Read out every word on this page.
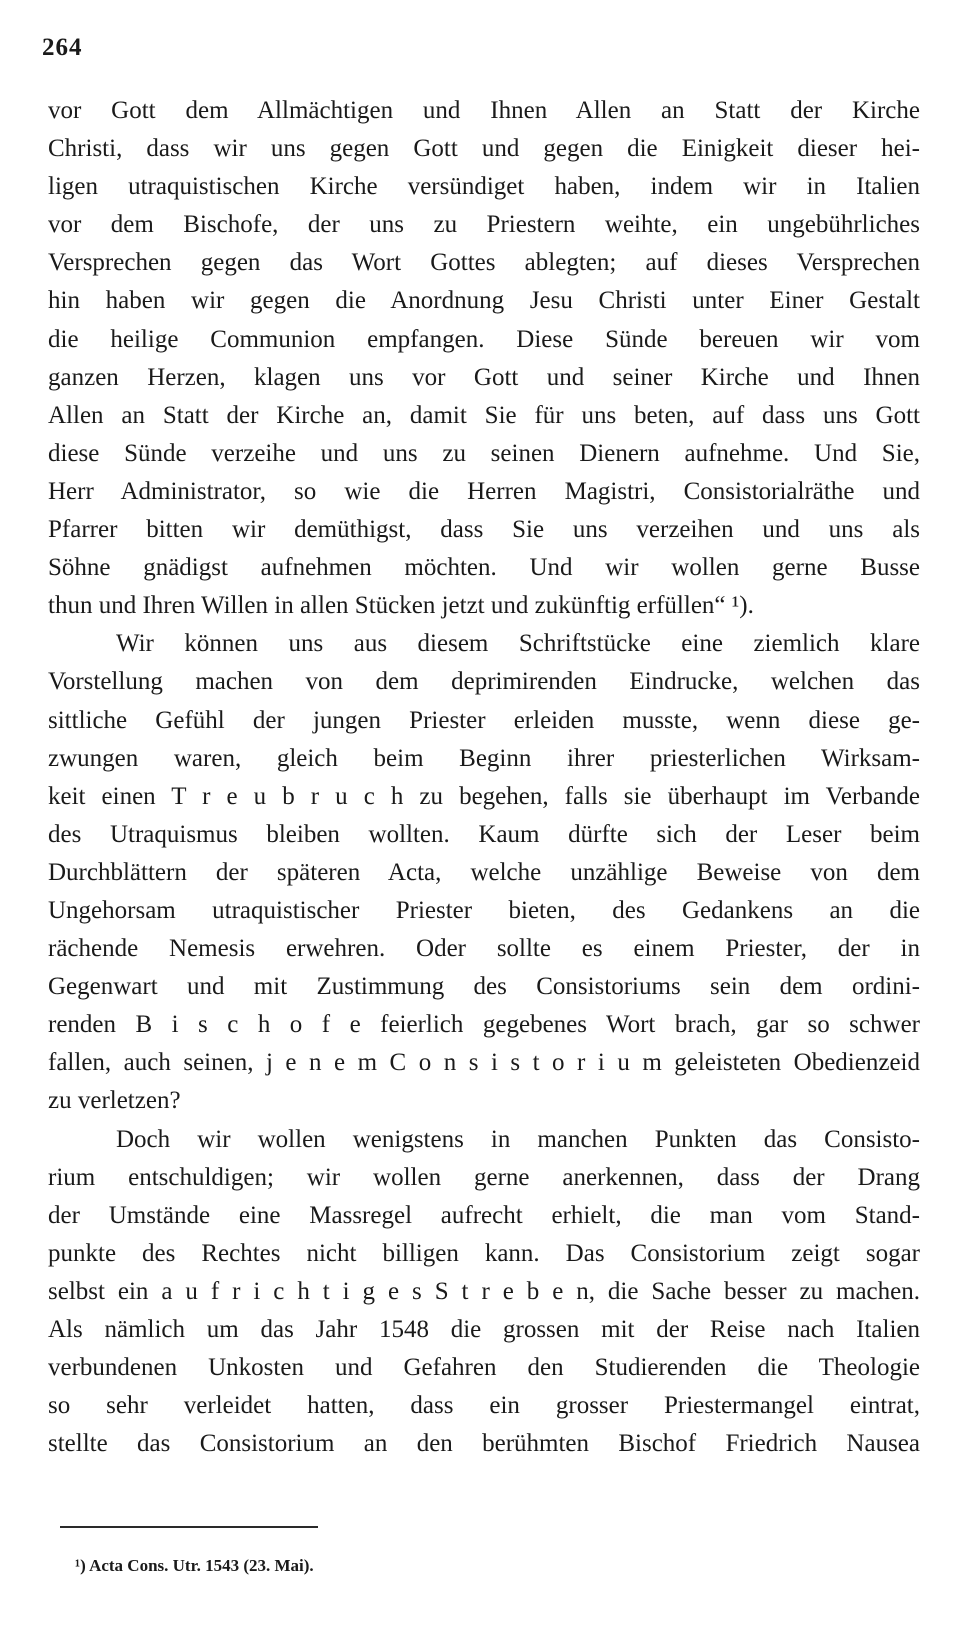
264
vor Gott dem Allmächtigen und Ihnen Allen an Statt der Kirche
Christi, dass wir uns gegen Gott und gegen die Einigkeit dieser hei-
ligen utraquistischen Kirche versündiget haben, indem wir in Italien
vor dem Bischofe, der uns zu Priestern weihte, ein ungebührliches
Versprechen gegen das Wort Gottes ablegten; auf dieses Versprechen
hin haben wir gegen die Anordnung Jesu Christi unter Einer Gestalt
die heilige Communion empfangen. Diese Sünde bereuen wir vom
ganzen Herzen, klagen uns vor Gott und seiner Kirche und Ihnen
Allen an Statt der Kirche an, damit Sie für uns beten, auf dass uns Gott
diese Sünde verzeihe und uns zu seinen Dienern aufnehme. Und Sie,
Herr Administrator, so wie die Herren Magistri, Consistorialräthe und
Pfarrer bitten wir demüthigst, dass Sie uns verzeihen und uns als
Söhne gnädigst aufnehmen möchten. Und wir wollen gerne Busse
thun und Ihren Willen in allen Stücken jetzt und zukünftig erfüllen“ ¹).
Wir können uns aus diesem Schriftstücke eine ziemlich klare
Vorstellung machen von dem deprimirenden Eindrucke, welchen das
sittliche Gefühl der jungen Priester erleiden musste, wenn diese ge-
zwungen waren, gleich beim Beginn ihrer priesterlichen Wirksam-
keit einen T r e u b r u c h zu begehen, falls sie überhaupt im Verbande
des Utraquismus bleiben wollten. Kaum dürfte sich der Leser beim
Durchblättern der späteren Acta, welche unzählige Beweise von dem
Ungehorsam utraquistischer Priester bieten, des Gedankens an die
rächende Nemesis erwehren. Oder sollte es einem Priester, der in
Gegenwart und mit Zustimmung des Consistoriums sein dem ordini-
renden B i s c h o f e feierlich gegebenes Wort brach, gar so schwer
fallen, auch seinen, j e n e m C o n s i s t o r i u m geleisteten Obedienzeid
zu verletzen?
Doch wir wollen wenigstens in manchen Punkten das Consisto-
rium entschuldigen; wir wollen gerne anerkennen, dass der Drang
der Umstände eine Massregel aufrecht erhielt, die man vom Stand-
punkte des Rechtes nicht billigen kann. Das Consistorium zeigt sogar
selbst ein a u f r i c h t i g e s S t r e b e n, die Sache besser zu machen.
Als nämlich um das Jahr 1548 die grossen mit der Reise nach Italien
verbundenen Unkosten und Gefahren den Studierenden die Theologie
so sehr verleidet hatten, dass ein grosser Priestermangel eintrat,
stellte das Consistorium an den berühmten Bischof Friedrich Nausea
¹) Acta Cons. Utr. 1543 (23. Mai).
